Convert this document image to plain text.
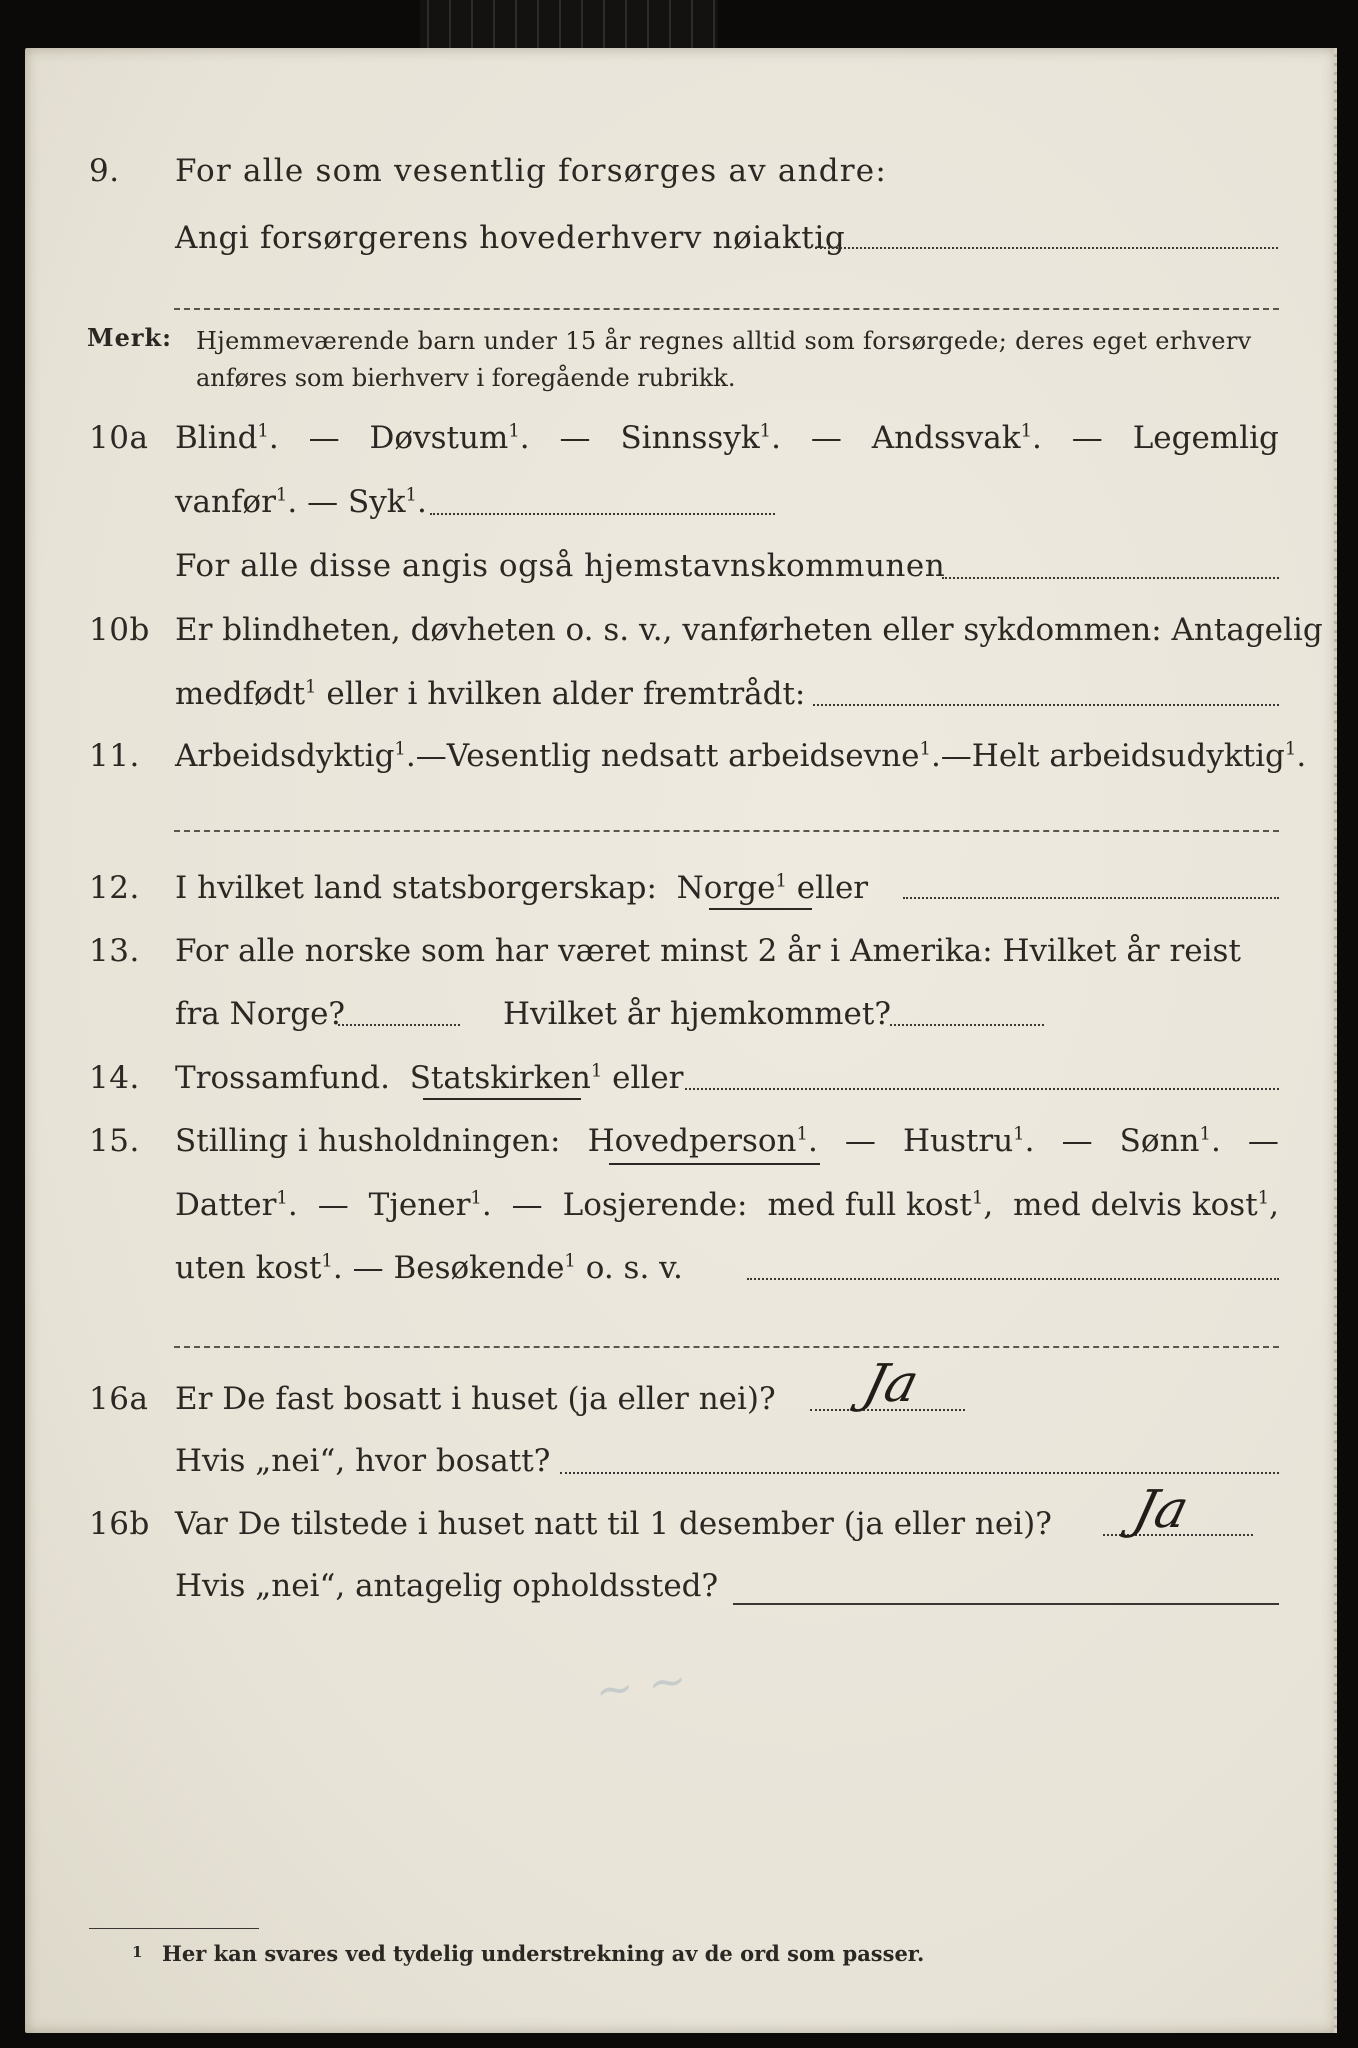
9. For alle som vesentlig forsørges av andre:
Angi forsørgerens hovederhverv nøiaktig
Merk: Hjemmeværende barn under 15 år regnes alltid som forsørgede; deres eget erhverv
anføres som bierhverv i foregående rubrikk.
10a Blind$^1$. — Døvstum$^1$. — Sinnssyk$^1$. — Andssvak$^1$. — Legemlig
vanfør$^1$. — Syk$^1$.
For alle disse angis også hjemstavnskommunen
10b Er blindheten, døvheten o. s. v., vanførheten eller sykdommen: Antagelig
medfødt$^1$ eller i hvilken alder fremtrådt:
11. Arbeidsdyktig$^1$. — Vesentlig nedsatt arbeidsevne$^1$. — Helt arbeidsudyktig$^1$.
12. I hvilket land statsborgerskap: Norge$^1$ eller
13. For alle norske som har været minst 2 år i Amerika: Hvilket år reist
fra Norge?	Hvilket år hjemkommet?
14. Trossamfund. Statskirken$^1$ eller
15. Stilling i husholdningen: Hovedperson$^1$. — Hustru$^1$. — Sønn$^1$. —
Datter$^1$. — Tjener$^1$. — Losjerende: med full kost$^1$, med delvis kost$^1$,
uten kost$^1$. — Besøkende$^1$ o. s. v.
16a Er De fast bosatt i huset (ja eller nei)? Ja
Hvis „nei“, hvor bosatt?
16b Var De tilstede i huset natt til 1 desember (ja eller nei)? Ja
Hvis „nei“, antagelig opholdssted?
~ ~
1 Her kan svares ved tydelig understrekning av de ord som passer.
